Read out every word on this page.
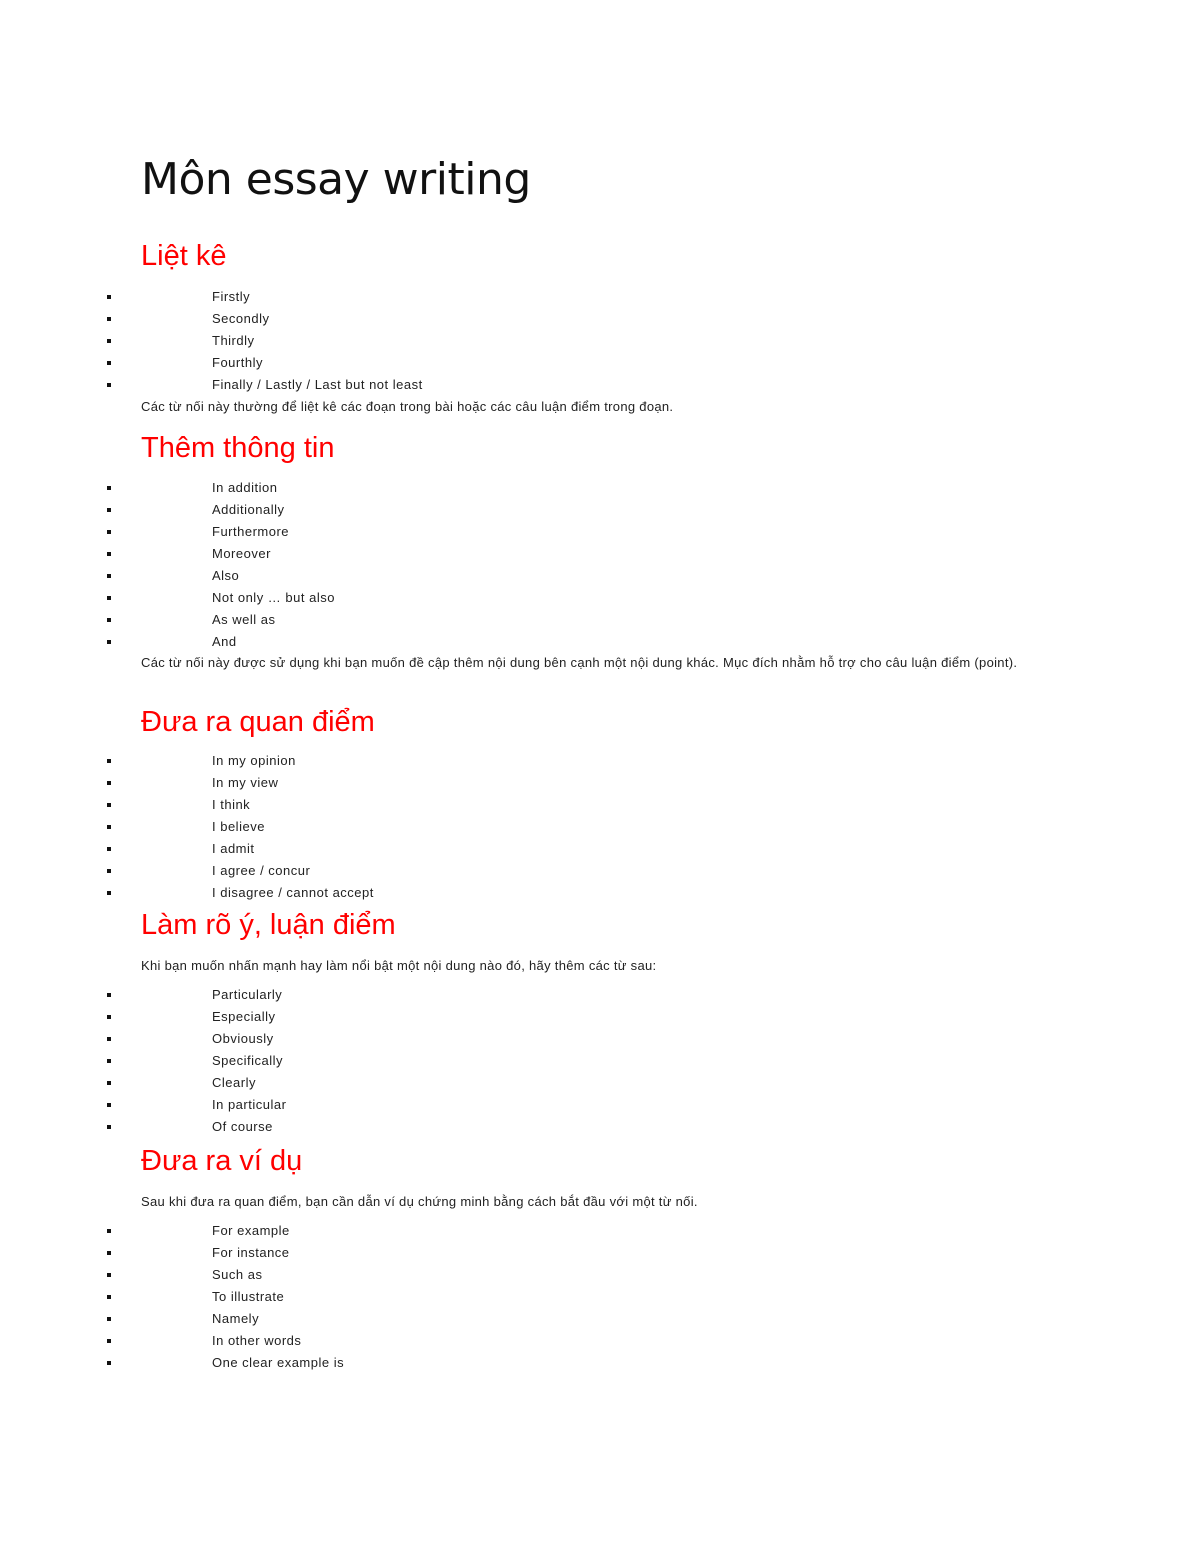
Môn essay writing
Liệt kê
Firstly
Secondly
Thirdly
Fourthly
Finally / Lastly / Last but not least

Các từ nối này thường để liệt kê các đoạn trong bài hoặc các câu luận điểm trong đoạn.

Thêm thông tin
In addition
Additionally
Furthermore
Moreover
Also
Not only … but also
As well as
And

Các từ nối này được sử dụng khi bạn muốn đề cập thêm nội dung bên cạnh một nội dung khác. Mục đích nhằm hỗ trợ cho câu luận điểm (point).

Đưa ra quan điểm
In my opinion
In my view
I think
I believe
I admit
I agree / concur
I disagree / cannot accept
Làm rõ ý, luận điểm

Khi bạn muốn nhấn mạnh hay làm nổi bật một nội dung nào đó, hãy thêm các từ sau:

Particularly
Especially
Obviously
Specifically
Clearly
In particular
Of course
Đưa ra ví dụ

Sau khi đưa ra quan điểm, bạn cần dẫn ví dụ chứng minh bằng cách bắt đầu với một từ nối.

For example
For instance
Such as
To illustrate
Namely
In other words
One clear example is
